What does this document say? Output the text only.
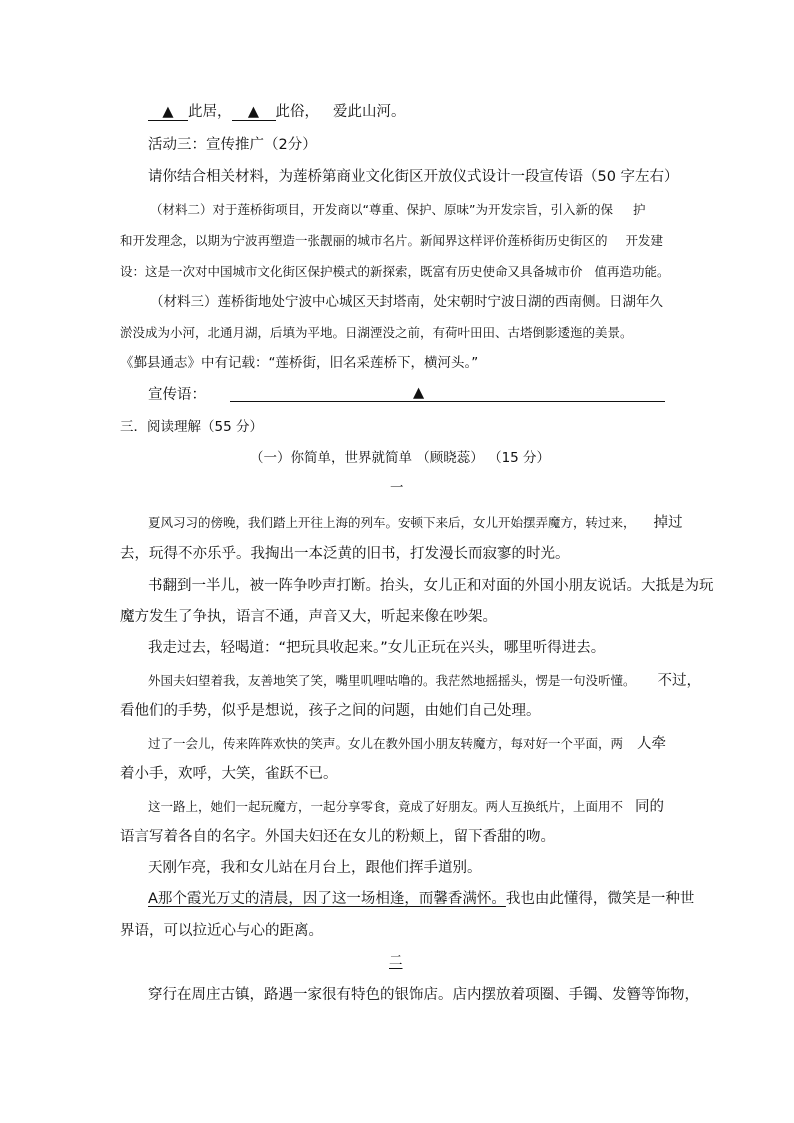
▲ 此居， ▲ 此俗， 爱此山河。
活动三：宣传推广（2分）
请你结合相关材料，为莲桥第商业文化街区开放仪式设计一段宣传语（50 字左右）
（材料二）对于莲桥街项目，开发商以“尊重、保护、原味”为开发宗旨，引入新的保 护
和开发理念，以期为宁波再塑造一张靓丽的城市名片。新闻界这样评价莲桥街历史街区的 开发建
设：这是一次对中国城市文化街区保护模式的新探索，既富有历史使命又具备城市价 值再造功能。
（材料三）莲桥街地处宁波中心城区天封塔南，处宋朝时宁波日湖的西南侧。日湖年久
淤没成为小河，北通月湖，后填为平地。日湖湮没之前，有荷叶田田、古塔倒影逶迤的美景。
《鄞县通志》中有记载：“莲桥街，旧名采莲桥下，横河头。”
宣传语：	▲
三．阅读理解（55 分）
（一）你简单，世界就简单 （顾晓蕊） （15 分）
一
夏风习习的傍晚，我们踏上开往上海的列车。安顿下来后，女儿开始摆弄魔方，转过来， 掉过
去，玩得不亦乐乎。我掏出一本泛黄的旧书，打发漫长而寂寥的时光。
书翻到一半儿，被一阵争吵声打断。抬头，女儿正和对面的外国小朋友说话。大抵是为玩
魔方发生了争执，语言不通，声音又大，听起来像在吵架。
我走过去，轻喝道：“把玩具收起来。”女儿正玩在兴头，哪里听得进去。
外国夫妇望着我，友善地笑了笑，嘴里叽哩咕噜的。我茫然地摇摇头，愣是一句没听懂。 不过，
看他们的手势，似乎是想说，孩子之间的问题，由她们自己处理。
过了一会儿，传来阵阵欢快的笑声。女儿在教外国小朋友转魔方，每对好一个平面，两 人牵
着小手，欢呼，大笑，雀跃不已。
这一路上，她们一起玩魔方，一起分享零食，竟成了好朋友。两人互换纸片，上面用不 同的
语言写着各自的名字。外国夫妇还在女儿的粉颊上，留下香甜的吻。
天刚乍亮，我和女儿站在月台上，跟他们挥手道别。
A那个霞光万丈的清晨，因了这一场相逢，而馨香满怀。我也由此懂得，微笑是一种世
界语，可以拉近心与心的距离。
二
穿行在周庄古镇，路遇一家很有特色的银饰店。店内摆放着项圈、手镯、发簪等饰物，
